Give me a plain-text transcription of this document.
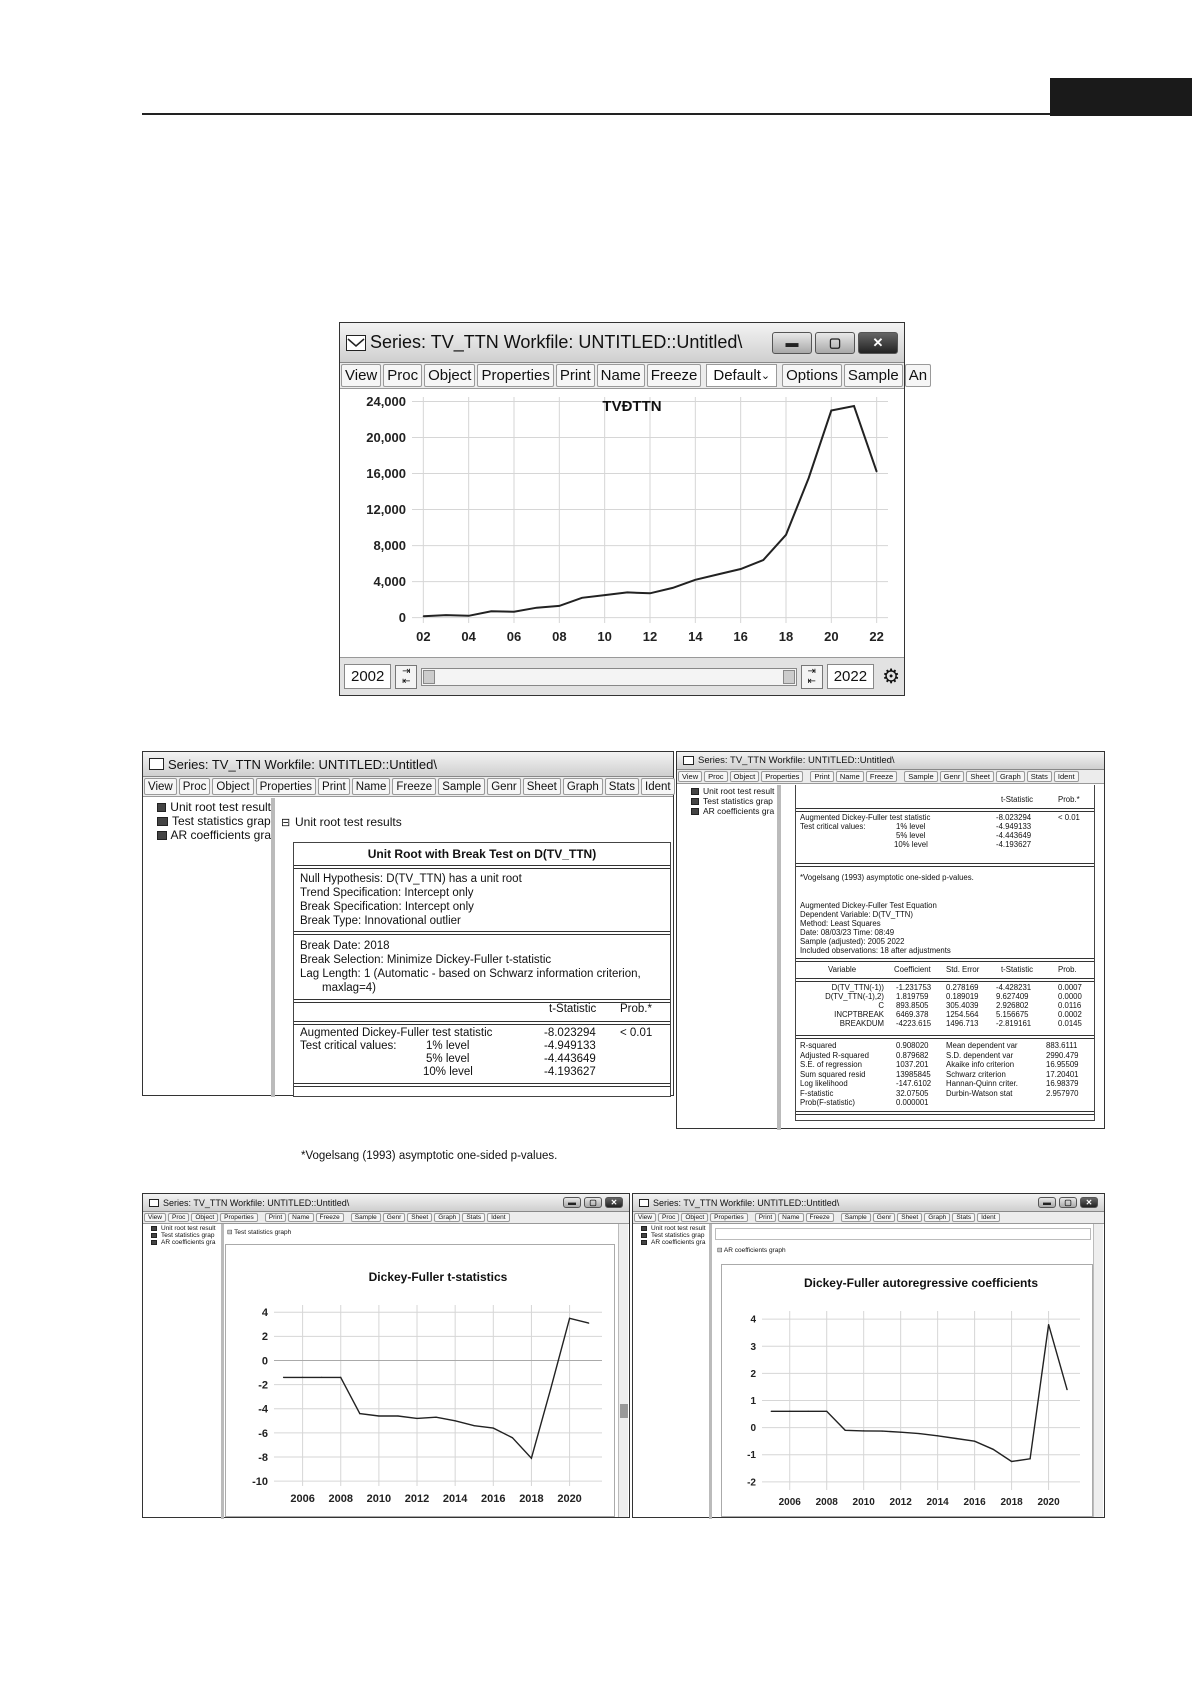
Series: TV_TTN Workfile: UNTITLED::Untitled\	▬	▢	✕
View Proc Object Properties Print Name Freeze Default ⌄ Options Sample An
0
4,000
8,000
12,000
16,000
20,000
24,000
02 04 06 08 10 12 14 16 18 20 22
TVĐTTN
2002	⇥
⇤
⇥
⇤	2022 ⚙
Series: TV_TTN Workfile: UNTITLED::Untitled\
View Proc Object Properties Print Name Freeze Sample Genr Sheet Graph Stats Ident
Unit root test result
Test statistics grap
AR coefficients gra
⊟ Unit root test results
Unit Root with Break Test on D(TV_TTN)
Null Hypothesis: D(TV_TTN) has a unit root
Trend Specification: Intercept only
Break Specification: Intercept only
Break Type: Innovational outlier
Break Date: 2018
Break Selection: Minimize Dickey-Fuller t-statistic
Lag Length: 1 (Automatic - based on Schwarz information criterion,
maxlag=4)
t-Statistic Prob.*
Augmented Dickey-Fuller test statistic	-8.023294 < 0.01
Test critical values:	1% level	-4.949133
5% level	-4.443649
10% level	-4.193627
*Vogelsang (1993) asymptotic one-sided p-values.
Series: TV_TTN Workfile: UNTITLED::Untitled\
View	Proc	Object	Properties	Print	Name	Freeze	Sample	Genr	Sheet	Graph	Stats	Ident
Unit root test result
Test statistics grap
AR coefficients gra
t-Statistic	Prob.*
Augmented Dickey-Fuller test statistic	-8.023294	< 0.01
Test critical values:	1% level	-4.949133
5% level	-4.443649
10% level	-4.193627
*Vogelsang (1993) asymptotic one-sided p-values.
Augmented Dickey-Fuller Test Equation
Dependent Variable: D(TV_TTN)
Method: Least Squares
Date: 08/03/23 Time: 08:49
Sample (adjusted): 2005 2022
Included observations: 18 after adjustments
Variable	Coefficient Std. Error	t-Statistic	Prob.
D(TV_TTN(-1)) -1.231753 0.278169 -4.428231	0.0007
D(TV_TTN(-1),2) 1.819759 0.189019 9.627409	0.0000
C 893.8505 305.4039 2.926802	0.0116
INCPTBREAK 6469.378 1254.564 5.156675	0.0002
BREAKDUM -4223.615 1496.713 -2.819161	0.0145
R-squared	0.908020 Mean dependent var	883.6111
Adjusted R-squared	0.879682 S.D. dependent var	2990.479
S.E. of regression	1037.201 Akaike info criterion	16.95509
Sum squared resid	13985845 Schwarz criterion	17.20401
Log likelihood	-147.6102 Hannan-Quinn criter.	16.98379
F-statistic	32.07505 Durbin-Watson stat	2.957970
Prob(F-statistic)	0.000001
Series: TV_TTN Workfile: UNTITLED::Untitled\	▬	▢	✕
View	Proc	Object	Properties	Print	Name	Freeze	Sample	Genr	Sheet	Graph	Stats	Ident
Unit root test result
Test statistics grap
AR coefficients gra
⊟ Test statistics graph
-10
-8
-6
-4
-2
0
2
4
2006 2008 2010 2012 2014 2016 2018 2020
Dickey-Fuller t-statistics
Series: TV_TTN Workfile: UNTITLED::Untitled\	▬	▢	✕
View	Proc	Object	Properties	Print	Name	Freeze	Sample	Genr	Sheet	Graph	Stats	Ident
Unit root test result
Test statistics grap
AR coefficients gra
⊟ AR coefficients graph
-2
-1
0
1
2
3
4
2006 2008 2010 2012 2014 2016 2018 2020
Dickey-Fuller autoregressive coefficients
